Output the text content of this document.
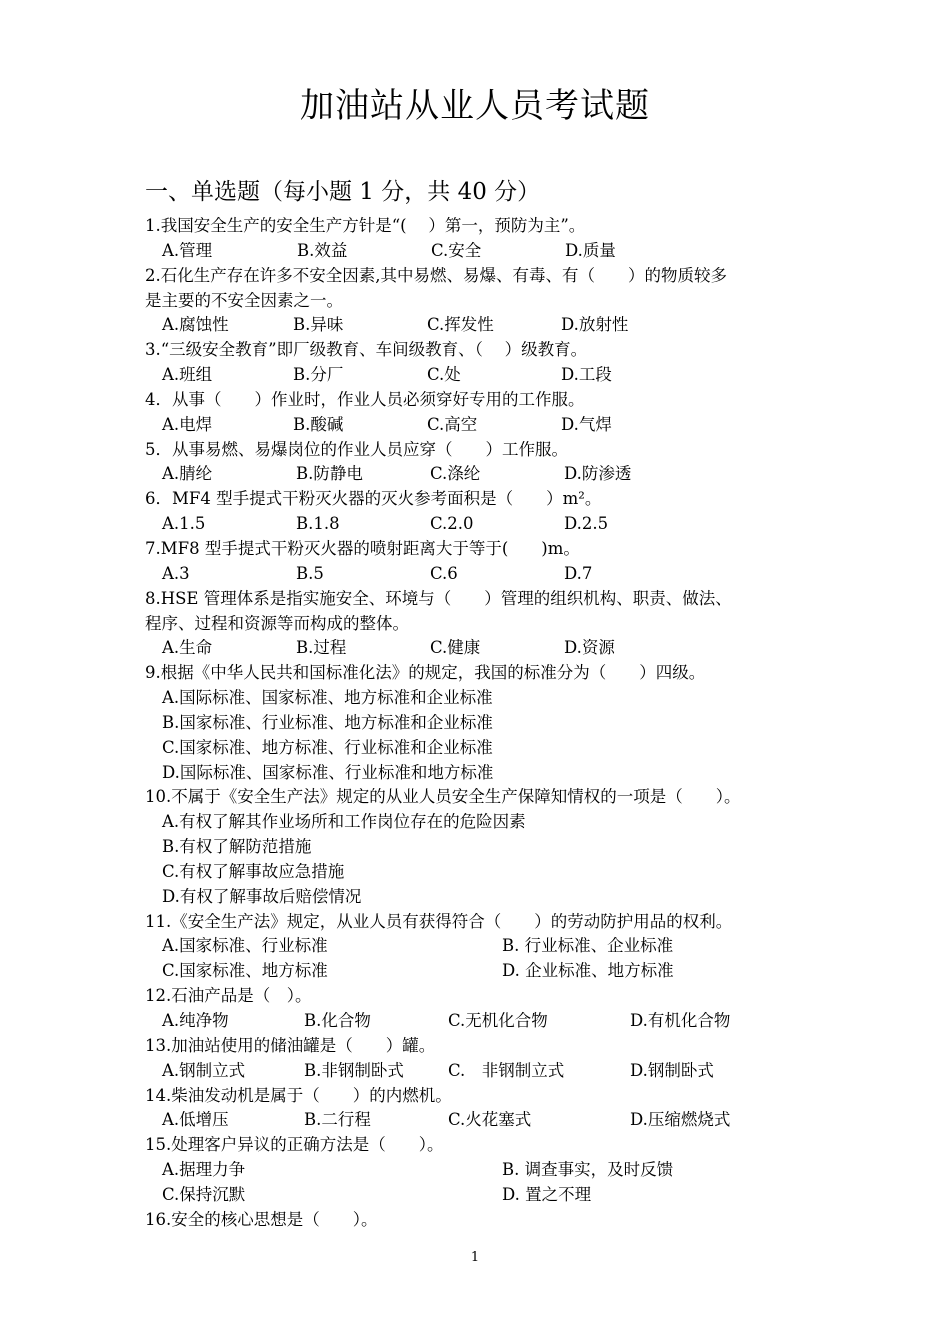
加油站从业人员考试题
一、单选题（每小题 1 分，共 40 分）
1.我国安全生产的安全生产方针是“(　 ）第一，预防为主”。
A.管理	B.效益	C.安全	D.质量
2.石化生产存在许多不安全因素,其中易燃、易爆、有毒、有（　　）的物质较多
是主要的不安全因素之一。
A.腐蚀性	B.异味	C.挥发性	D.放射性
3.“三级安全教育”即厂级教育、车间级教育、（　 ）级教育。
A.班组	B.分厂	C.处	D.工段
4．从事（　　）作业时，作业人员必须穿好专用的工作服。
A.电焊	B.酸碱	C.高空	D.气焊
5．从事易燃、易爆岗位的作业人员应穿（　　）工作服。
A.腈纶	B.防静电	C.涤纶	D.防渗透
6．MF4 型手提式干粉灭火器的灭火参考面积是（　　）m²。
A.1.5	B.1.8	C.2.0	D.2.5
7.MF8 型手提式干粉灭火器的喷射距离大于等于(　　)m。
A.3	B.5	C.6	D.7
8.HSE 管理体系是指实施安全、环境与（　　）管理的组织机构、职责、做法、
程序、过程和资源等而构成的整体。
A.生命	B.过程	C.健康	D.资源
9.根据《中华人民共和国标准化法》的规定，我国的标准分为（　　）四级。
A.国际标准、国家标准、地方标准和企业标准
B.国家标准、行业标准、地方标准和企业标准
C.国家标准、地方标准、行业标准和企业标准
D.国际标准、国家标准、行业标准和地方标准
10.不属于《安全生产法》规定的从业人员安全生产保障知情权的一项是（　　）。
A.有权了解其作业场所和工作岗位存在的危险因素
B.有权了解防范措施
C.有权了解事故应急措施
D.有权了解事故后赔偿情况
11.《安全生产法》规定，从业人员有获得符合（　　）的劳动防护用品的权利。
A.国家标准、行业标准	B. 行业标准、企业标准
C.国家标准、地方标准	D. 企业标准、地方标准
12.石油产品是（　）。
A.纯净物	B.化合物	C.无机化合物	D.有机化合物
13.加油站使用的储油罐是（　　）罐。
A.钢制立式	B.非钢制卧式	C.　非钢制立式	D.钢制卧式
14.柴油发动机是属于（　　）的内燃机。
A.低增压	B.二行程	C.火花塞式	D.压缩燃烧式
15.处理客户异议的正确方法是（　　）。
A.据理力争	B. 调查事实，及时反馈
C.保持沉默	D. 置之不理
16.安全的核心思想是（　　）。
1
